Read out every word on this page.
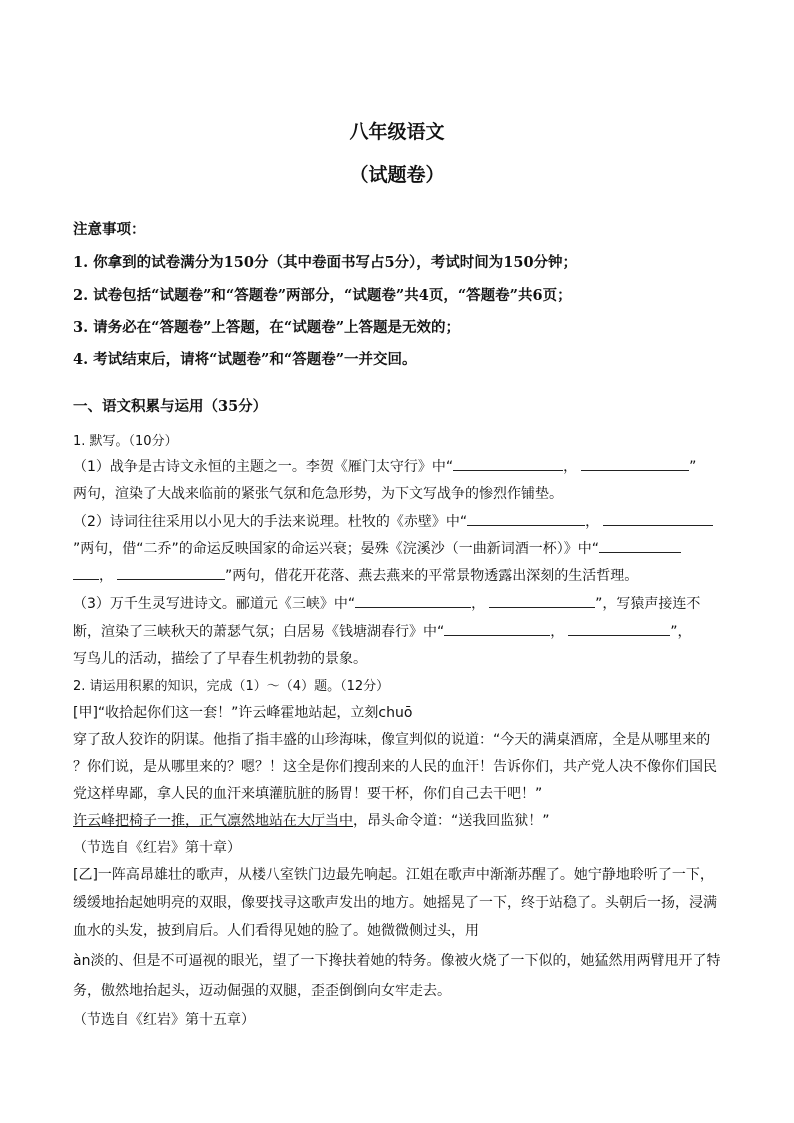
八年级语文
（试题卷）
注意事项：
1. 你拿到的试卷满分为150分（其中卷面书写占5分），考试时间为150分钟；
2. 试卷包括“试题卷”和“答题卷”两部分，“试题卷”共4页，“答题卷”共6页；
3. 请务必在“答题卷”上答题，在“试题卷”上答题是无效的；
4. 考试结束后，请将“试题卷”和“答题卷”一并交回。
一、语文积累与运用（35分）
1. 默写。（10分）
（1）战争是古诗文永恒的主题之一。李贺《雁门太守行》中“	，	”
两句，渲染了大战来临前的紧张气氛和危急形势，为下文写战争的惨烈作铺垫。
（2）诗词往往采用以小见大的手法来说理。杜牧的《赤壁》中“	，
”两句，借“二乔”的命运反映国家的命运兴衰；晏殊《浣溪沙（一曲新词酒一杯）》中“
，	”两句，借花开花落、燕去燕来的平常景物透露出深刻的生活哲理。
（3）万千生灵写进诗文。郦道元《三峡》中“	，	”，写猿声接连不
断，渲染了三峡秋天的萧瑟气氛；白居易《钱塘湖春行》中“	，	”，
写鸟儿的活动，描绘了了早春生机勃勃的景象。
2. 请运用积累的知识，完成（1）～（4）题。（12分）
[甲]“收拾起你们这一套！”许云峰霍地站起，立刻chuō
穿了敌人狡诈的阴谋。他指了指丰盛的山珍海味，像宣判似的说道：“今天的满桌酒席，全是从哪里来的
？你们说，是从哪里来的？嗯？！这全是你们搜刮来的人民的血汗！告诉你们，共产党人决不像你们国民
党这样卑鄙，拿人民的血汗来填灌肮脏的肠胃！要干杯，你们自己去干吧！”
许云峰把椅子一推，正气凛然地站在大厅当中，昂头命令道：“送我回监狱！”
（节选自《红岩》第十章）
[乙]一阵高昂雄壮的歌声，从楼八室铁门边最先响起。江姐在歌声中渐渐苏醒了。她宁静地聆听了一下，
缓缓地抬起她明亮的双眼，像要找寻这歌声发出的地方。她摇晃了一下，终于站稳了。头朝后一扬，浸满
血水的头发，披到肩后。人们看得见她的脸了。她微微侧过头，用
àn淡的、但是不可逼视的眼光，望了一下搀扶着她的特务。像被火烧了一下似的，她猛然用两臂甩开了特
务，傲然地抬起头，迈动倔强的双腿，歪歪倒倒向女牢走去。
（节选自《红岩》第十五章）
